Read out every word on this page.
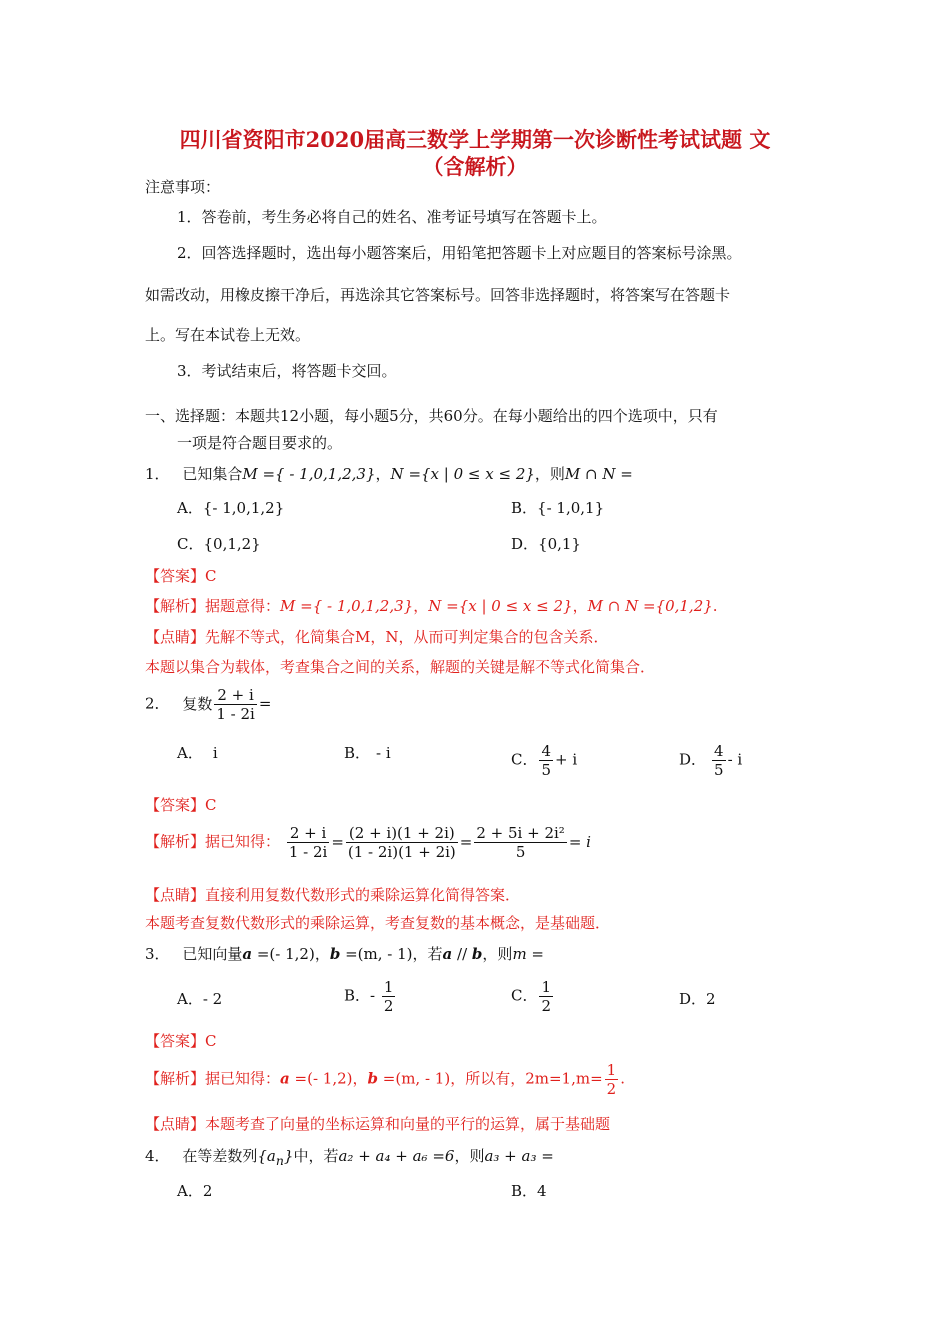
四川省资阳市2020届高三数学上学期第一次诊断性考试试题 文
（含解析）
注意事项：
1．答卷前，考生务必将自己的姓名、准考证号填写在答题卡上。
2．回答选择题时，选出每小题答案后，用铅笔把答题卡上对应题目的答案标号涂黑。
如需改动，用橡皮擦干净后，再选涂其它答案标号。回答非选择题时，将答案写在答题卡
上。写在本试卷上无效。
3．考试结束后，将答题卡交回。
一、选择题：本题共12小题，每小题5分，共60分。在每小题给出的四个选项中，只有
一项是符合题目要求的。
1． 已知集合M ={ - 1,0,1,2,3}，N ={x | 0 ≤ x ≤ 2}，则M ∩ N =
A．{- 1,0,1,2}	B．{- 1,0,1}
C．{0,1,2}	D．{0,1}
【答案】C
【解析】据题意得：M ={ - 1,0,1,2,3}，N ={x | 0 ≤ x ≤ 2}，M ∩ N ={0,1,2}.
【点睛】先解不等式，化简集合M，N，从而可判定集合的包含关系．
本题以集合为载体，考查集合之间的关系，解题的关键是解不等式化简集合．
2． 复数 $\frac{2 + i}{1 - 2i}$ =
A． i	B． - i	C． $\frac{4}{5} + i$	D． $\frac{4}{5}$ - i
【答案】C
【解析】据已知得： $\frac{2 + i}{1 - 2i} = \frac{(2 + i)(1 + 2i)}{(1 - 2i)(1 + 2i)} = \frac{\text{2 + 5i + 2i²}}{5} = i$
【点睛】直接利用复数代数形式的乘除运算化简得答案．
本题考查复数代数形式的乘除运算，考查复数的基本概念，是基础题．
3． 已知向量a =(- 1,2)，b =(m, - 1)，若a // b，则m =
A．- 2	B．- $\frac{1}{2}$	C． $\frac{1}{2}$	D．2
【答案】C
【解析】据已知得：a =(- 1,2)，b =(m, - 1)，所以有，$2m=1,m= \frac{1}{2}$ .
【点睛】本题考查了向量的坐标运算和向量的平行的运算，属于基础题
4． 在等差数列$\{a_n\}$中，若a₂ + a₄ + a₆ =6，则a₃ + a₃ =
A．2	B．4
